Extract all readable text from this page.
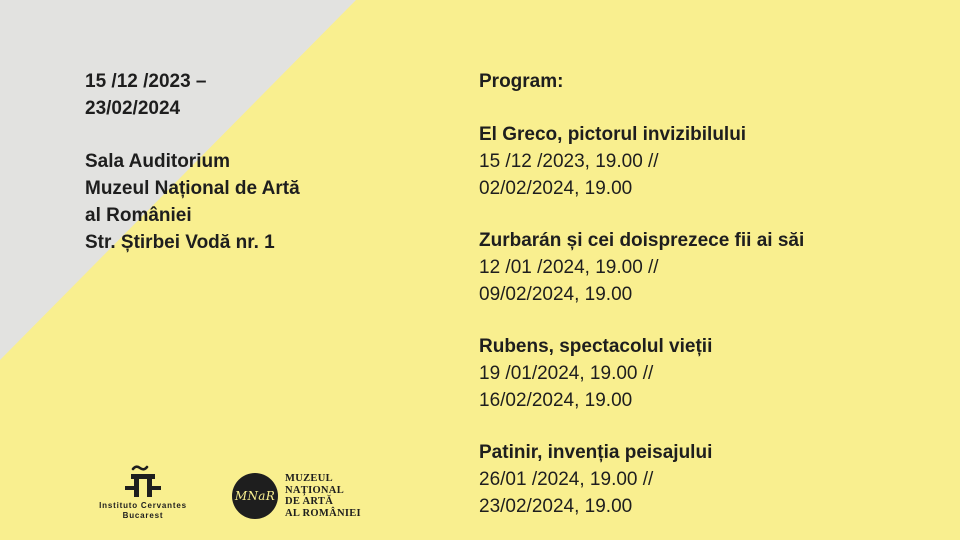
15 /12 /2023 –
23/02/2024
Sala Auditorium
Muzeul Național de Artă
al României
Str. Știrbei Vodă nr. 1
Program:
El Greco, pictorul invizibilului
15 /12 /2023, 19.00 //
02/02/2024, 19.00
Zurbarán și cei doisprezece fii ai săi
12 /01 /2024, 19.00 //
09/02/2024, 19.00
Rubens, spectacolul vieții
19 /01/2024, 19.00 //
16/02/2024, 19.00
Patinir, invenția peisajului
26/01 /2024, 19.00 //
23/02/2024, 19.00
Instituto Cervantes
Bucarest
MNaR
MUZEUL
NAȚIONAL
DE ARTĂ
AL ROMÂNIEI
